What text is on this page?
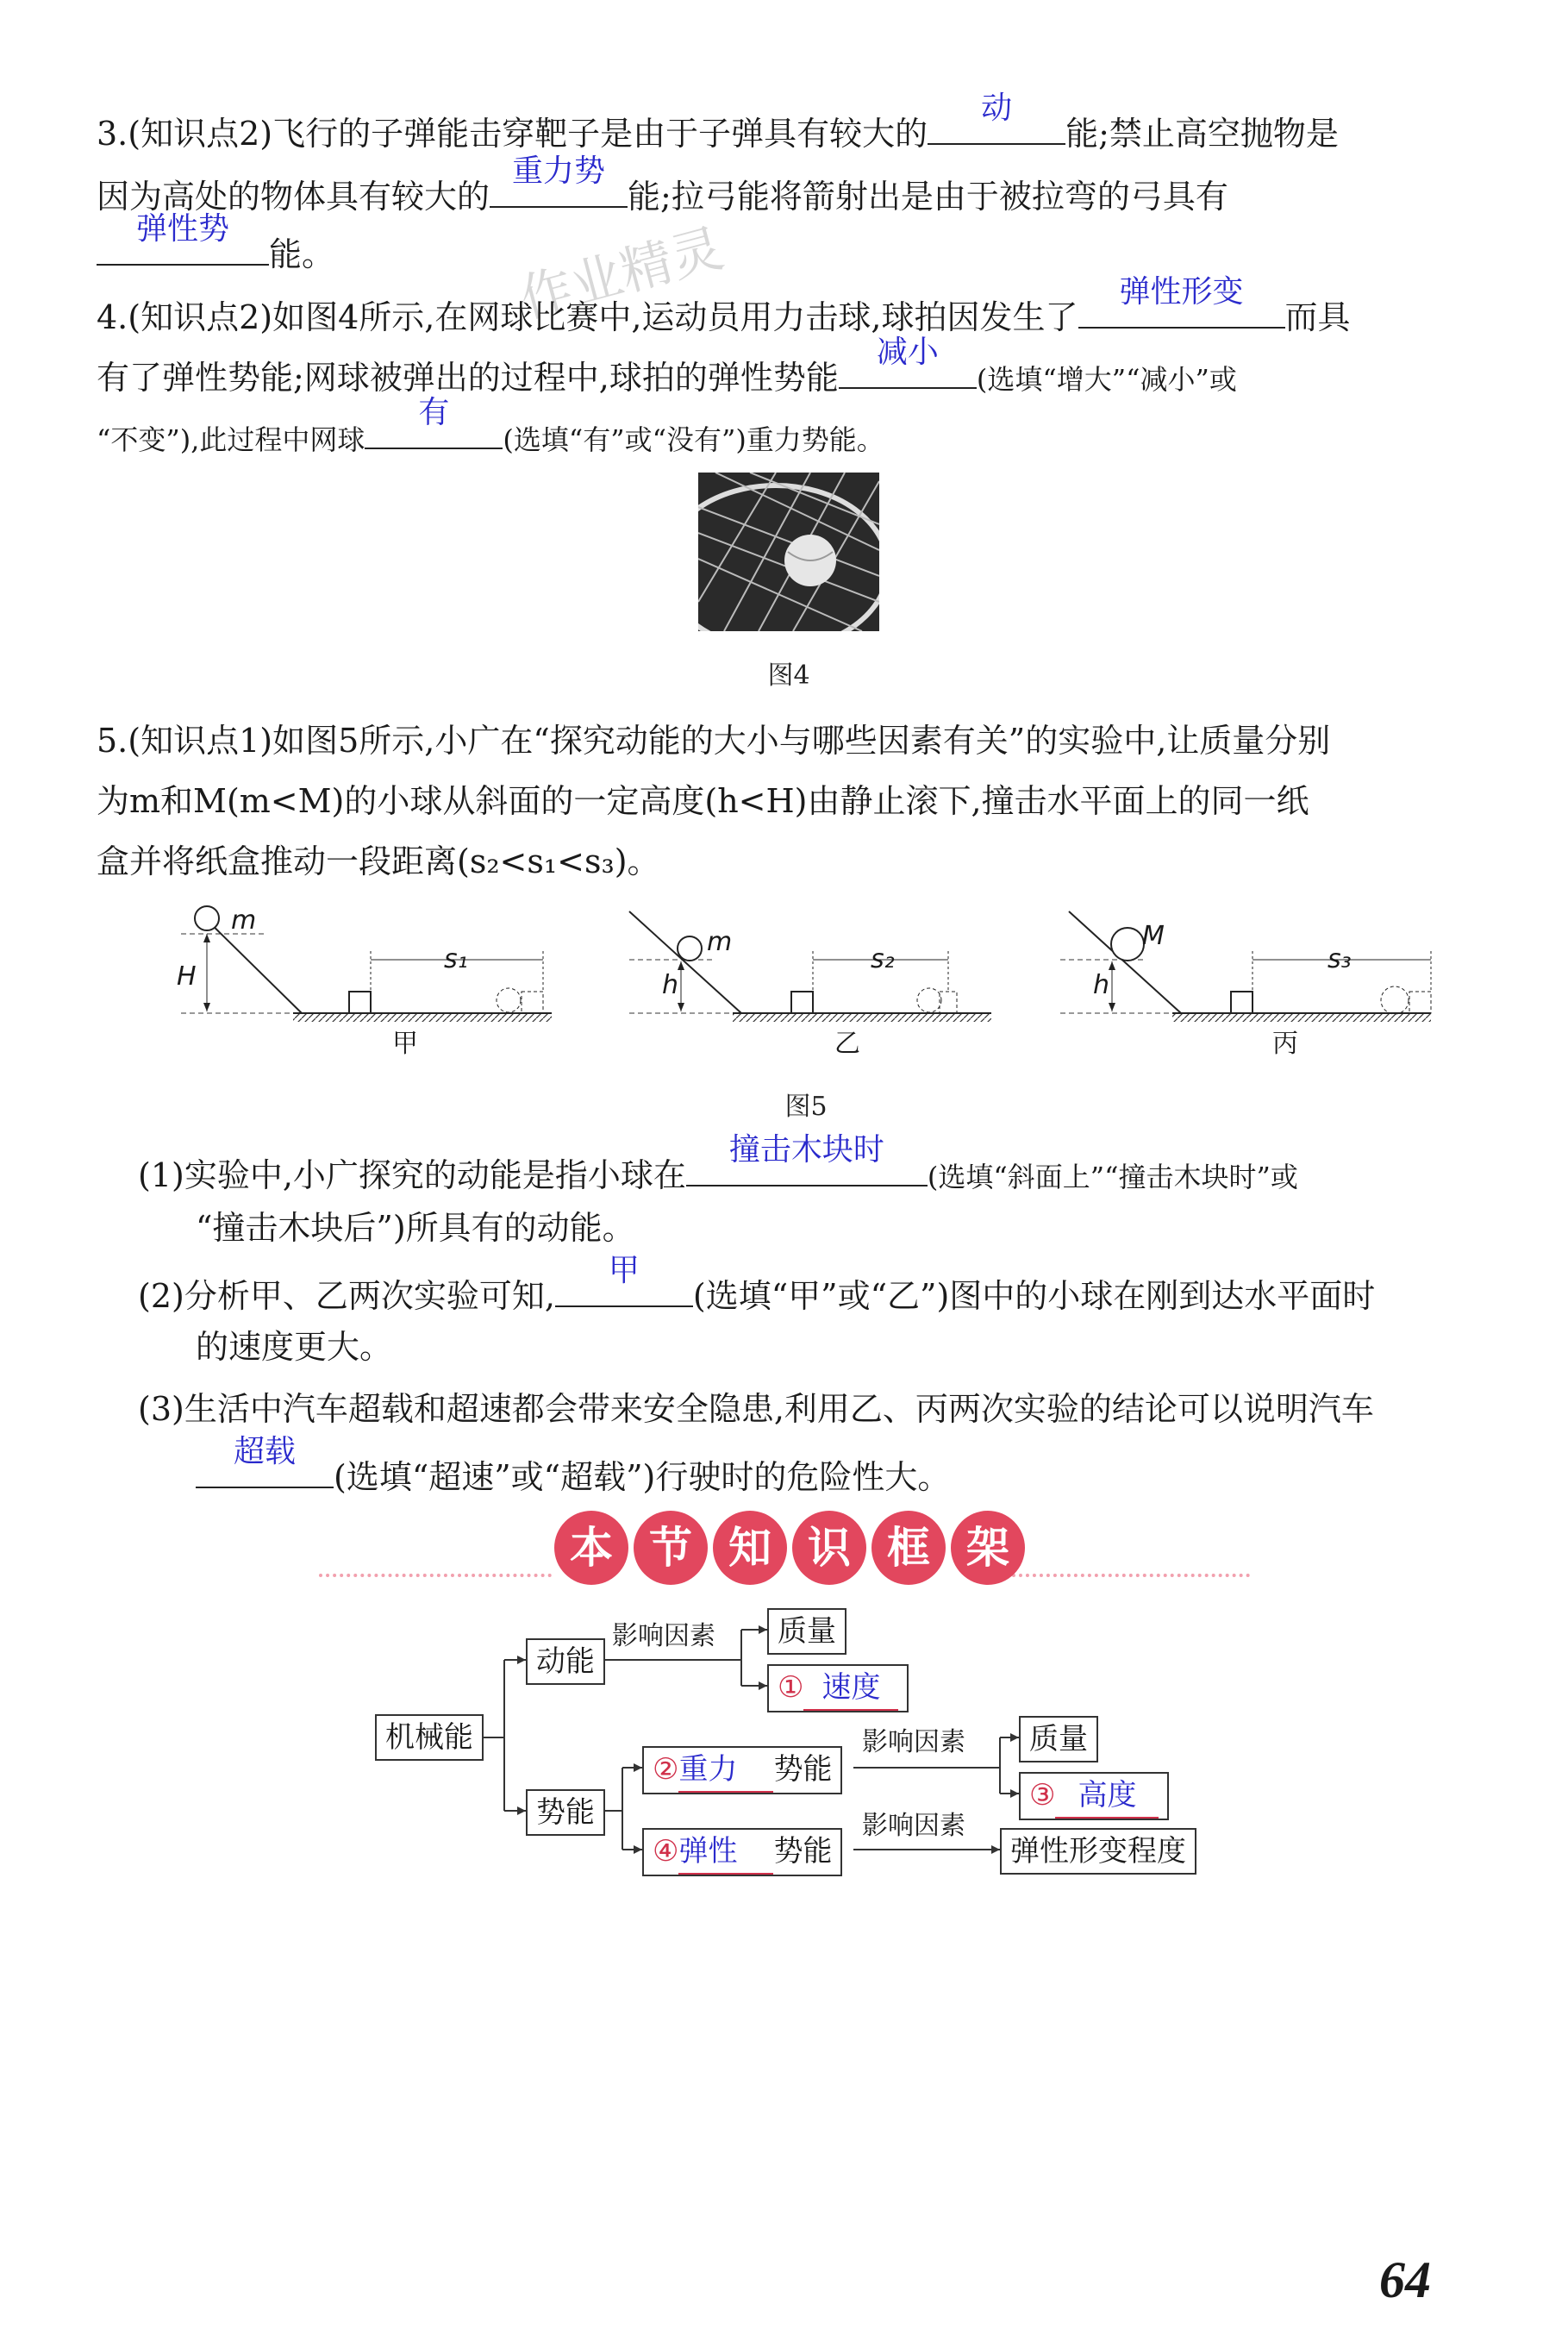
3.(知识点2)飞行的子弹能击穿靶子是由于子弹具有较大的
动
能;禁止高空抛物是
因为高处的物体具有较大的
重力势
能;拉弓能将箭射出是由于被拉弯的弓具有
弹性势
能。	作业精灵
4.(知识点2)如图4所示,在网球比赛中,运动员用力击球,球拍因发生了
弹性形变
而具
有了弹性势能;网球被弹出的过程中,球拍的弹性势能
减小
(选填“增大”“减小”或
“不变”),此过程中网球
有
(选填“有”或“没有”)重力势能。
图4
5.(知识点1)如图5所示,小广在“探究动能的大小与哪些因素有关”的实验中,让质量分别
为m和M(m<M)的小球从斜面的一定高度(h<H)由静止滚下,撞击水平面上的同一纸
盒并将纸盒推动一段距离(s₂<s₁<s₃)。
m
H
s₁
甲
m
h
s₂
乙
M
h
s₃
丙
图5
(1)实验中,小广探究的动能是指小球在
撞击木块时
(选填“斜面上”“撞击木块时”或
“撞击木块后”)所具有的动能。
(2)分析甲、乙两次实验可知,
甲
(选填“甲”或“乙”)图中的小球在刚到达水平面时
的速度更大。
(3)生活中汽车超载和超速都会带来安全隐患,利用乙、丙两次实验的结论可以说明汽车
超载
(选填“超速”或“超载”)行驶时的危险性大。
本 节 知 识 框 架
机械能
动能
势能
影响因素	质量
① 速度
②重力 势能
影响因素	质量
③ 高度
④弹性 势能
影响因素
弹性形变程度
64
